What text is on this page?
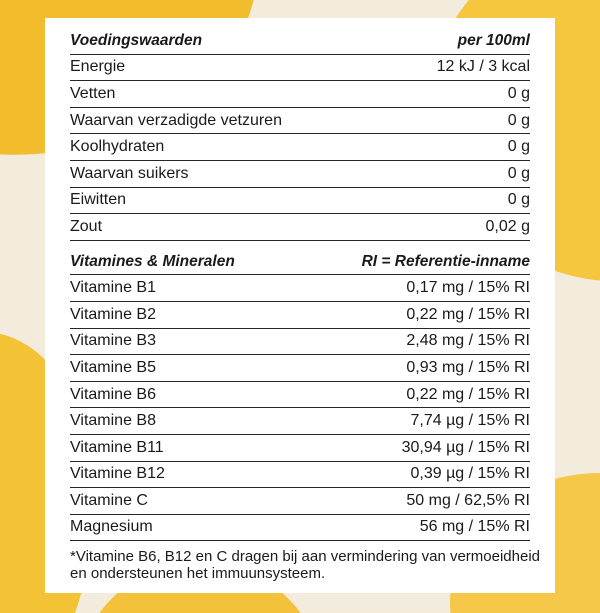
Voedingswaarden	per 100ml
Energie	12 kJ / 3 kcal
Vetten	0 g
Waarvan verzadigde vetzuren	0 g
Koolhydraten	0 g
Waarvan suikers	0 g
Eiwitten	0 g
Zout	0,02 g
Vitamines & Mineralen	RI = Referentie-inname
Vitamine B1	0,17 mg / 15% RI
Vitamine B2	0,22 mg / 15% RI
Vitamine B3	2,48 mg / 15% RI
Vitamine B5	0,93 mg / 15% RI
Vitamine B6	0,22 mg / 15% RI
Vitamine B8	7,74 µg / 15% RI
Vitamine B11	30,94 µg / 15% RI
Vitamine B12	0,39 µg / 15% RI
Vitamine C	50 mg / 62,5% RI
Magnesium	56 mg / 15% RI
*Vitamine B6, B12 en C dragen bij aan vermindering van vermoeidheid en ondersteunen het immuunsysteem.
